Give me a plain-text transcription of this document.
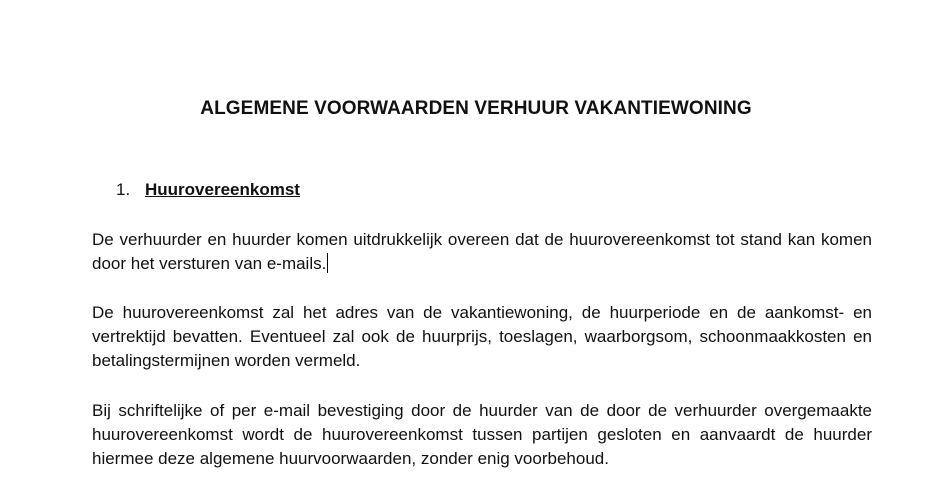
ALGEMENE VOORWAARDEN VERHUUR VAKANTIEWONING
1. Huurovereenkomst
De verhuurder en huurder komen uitdrukkelijk overeen dat de huurovereenkomst tot stand kan komen door het versturen van e-mails.
De huurovereenkomst zal het adres van de vakantiewoning, de huurperiode en de aankomst- en vertrektijd bevatten. Eventueel zal ook de huurprijs, toeslagen, waarborgsom, schoonmaakkosten en betalingstermijnen worden vermeld.
Bij schriftelijke of per e-mail bevestiging door de huurder van de door de verhuurder overgemaakte huurovereenkomst wordt de huurovereenkomst tussen partijen gesloten en aanvaardt de huurder hiermee deze algemene huurvoorwaarden, zonder enig voorbehoud.
